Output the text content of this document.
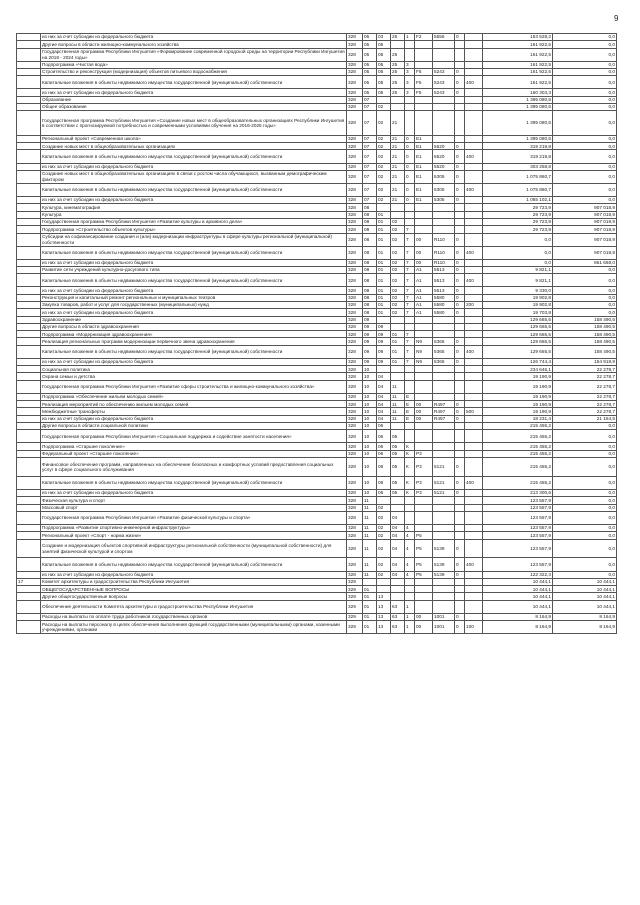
9
	из них за счет субсидии из федерального бюджета	328	05	03	25	1	F2	5555	0		153 528,2	0,0
	Другие вопросы в области жилищно-коммунального хозяйства	328	05	05							161 922,5	0,0
	Государственная программа Республики Ингушетия «Формирование современной городской среды на территории Республики Ингушетия на 2018 - 2024 годы»	328	05	05	25						161 922,5	0,0
	Подпрограмма «Чистая вода»	328	05	05	25	3					161 922,5	0,0
	Строительство и реконструкция (модернизация) объектов питьевого водоснабжения	328	05	05	25	3	F5	5243	0		161 922,5	0,0
	Капитальные вложения в объекты недвижимого имущества государственной (муниципальной) собственности	328	05	05	25	3	F5	5243	0	400	161 922,5	0,0
	из них за счет субсидии из федерального бюджета	328	05	05	25	3	F5	5243	0		160 303,3	0,0
	Образование	328	07								1 395 080,5	0,0
	Общее образование	328	07	02							1 395 080,5	0,0
	Государственная программа Республики Ингушетия «Создание новых мест в общеобразовательных организациях Республики Ингушетия в соответствии с прогнозируемой потребностью и современными условиями обучения на 2016-2025 годы»	328	07	02	21						1 395 080,5	0,0
	Региональный проект «Современная школа»	328	07	02	21	0	E1				1 395 080,5	0,0
	Создание новых мест в общеобразовательных организациях	328	07	02	21	0	E1	5520	0		319 219,8	0,0
	Капитальные вложения в объекты недвижимого имущества государственной (муниципальной) собственности	328	07	02	21	0	E1	5520	0	400	319 219,8	0,0
	из них за счет субсидии из федерального бюджета	328	07	02	21	0	E1	5520	0		303 258,8	0,0
	Создание новых мест в общеобразовательных организациях в связи с ростом числа обучающихся, вызванным демографическим фактором	328	07	02	21	0	E1	5305	0		1 075 860,7	0,0
	Капитальные вложения в объекты недвижимого имущества государственной (муниципальной) собственности	328	07	02	21	0	E1	5305	0	400	1 075 860,7	0,0
	из них за счет субсидии из федерального бюджета	328	07	02	21	0	E1	5305	0		1 065 102,1	0,0
	Культура, кинематография	328	08								29 723,9	907 018,9
	Культура	328	08	01							29 723,9	907 018,9
	Государственная программа Республики Ингушетия «Развитие культуры и архивного дела»	328	08	01	02						29 723,9	907 018,9
	Подпрограмма «Строительство объектов культуры»	328	08	01	02	7					29 723,9	907 018,9
	Субсидии на софинансирование создания и (или) модернизации инфраструктуры в сфере культуры региональной (муниципальной) собственности	328	08	01	02	7	00	R110	0		0,0	907 018,9
	Капитальные вложения в объекты недвижимого имущества государственной (муниципальной) собственности	328	08	01	02	7	00	R110	0	400	0,0	907 018,9
	из них за счет субсидии из федерального бюджета	328	08	01	02	7	00	R110	0		0,0	861 668,0
	Развитие сети учреждений культурно-досугового типа	328	08	01	02	7	A1	5513	0		9 821,1	0,0
	Капитальные вложения в объекты недвижимого имущества государственной (муниципальной) собственности	328	08	01	02	7	A1	5513	0	400	9 821,1	0,0
	из них за счет субсидии из федерального бюджета	328	08	01	02	7	A1	5513	0		9 330,0	0,0
	Реконструкция и капитальный ремонт региональных и муниципальных театров	328	08	01	02	7	A1	5580	0		19 902,8	0,0
	Закупка товаров, работ и услуг для государственных (муниципальных) нужд	328	08	01	02	7	A1	5580	0	200	19 902,8	0,0
	из них за счет субсидии из федерального бюджета	328	08	01	02	7	A1	5580	0		19 703,8	0,0
	Здравоохранение	328	09								129 665,5	158 490,5
	Другие вопросы в области здравоохранения	328	09	09							129 665,5	158 490,5
	Подпрограмма «Модернизация здравоохранения»	328	09	09	01	7					129 665,5	158 490,5
	Реализация региональных программ модернизации первичного звена здравоохранения	328	09	09	01	7	N9	5365	0		129 665,5	158 490,5
	Капитальные вложения в объекты недвижимого имущества государственной (муниципальной) собственности	328	09	09	01	7	N9	5365	0	400	129 665,5	158 490,5
	из них за счет субсидии из федерального бюджета	328	09	09	01	7	N9	5365	0		126 744,4	154 918,9
	Социальная политика	328	10								234 646,1	22 278,7
	Охрана семьи и детства	328	10	04							19 190,9	22 278,7
	Государственная программа Республики Ингушетия «Развитие сферы строительства и жилищно-коммунального хозяйства»	328	10	04	11						19 190,9	22 278,7
	Подпрограмма «Обеспечение жильем молодых семей»	328	10	04	11	E					19 190,9	22 278,7
	Реализация мероприятий по обеспечению жильем молодых семей	328	10	04	11	E	00	R497	0		19 190,9	22 278,7
	Межбюджетные трансферты	328	10	04	11	E	00	R497	0	500	19 190,9	22 278,7
	из них за счет субсидии из федерального бюджета	328	10	04	11	E	00	R497	0		18 231,4	21 154,5
	Другие вопросы в области социальной политики	328	10	06							215 455,2	0,0
	Государственная программа Республики Ингушетия «Социальная поддержка и содействие занятости населения»	328	10	06	05						215 455,2	0,0
	Подпрограмма «Старшее поколение»	328	10	06	05	К					215 455,2	0,0
	Федеральный проект «Старшее поколение»	328	10	06	05	К	P3				215 455,2	0,0
	Финансовое обеспечение программ, направленных на обеспечение безопасных и комфортных условий предоставления социальных услуг в сфере социального обслуживания	328	10	06	05	К	P3	5121	0		215 455,2	0,0
	Капитальные вложения в объекты недвижимого имущества государственной (муниципальной) собственности	328	10	06	05	К	P3	5121	0	400	215 455,2	0,0
	из них за счет субсидии из федерального бюджета	328	10	06	05	К	P3	5121	0		213 300,6	0,0
	Физическая культура и спорт	328	11								123 557,9	0,0
	Массовый спорт	328	11	02							123 557,9	0,0
	Государственная программа Республики Ингушетия «Развитие физической культуры и спорта»	328	11	02	04						123 557,9	0,0
	Подпрограмма «Развитие спортивно-инженерной инфраструктуры»	328	11	02	04	4					123 557,9	0,0
	Региональный проект «Спорт - норма жизни»	328	11	02	04	4	P5				123 557,9	0,0
	Создание и модернизация объектов спортивной инфраструктуры региональной собственности (муниципальной собственности) для занятий физической культурой и спортом	328	11	02	04	4	P5	5139	0		123 557,9	0,0
	Капитальные вложения в объекты недвижимого имущества государственной (муниципальной) собственности	328	11	02	04	4	P5	5139	0	400	123 557,9	0,0
	из них за счет субсидии из федерального бюджета	328	11	02	04	4	P5	5139	0		122 322,3	0,0
17	Комитет архитектуры и градостроительства Республики Ингушетия	329									10 444,1	10 444,1
	ОБЩЕГОСУДАРСТВЕННЫЕ ВОПРОСЫ	329	01								10 444,1	10 444,1
	Другие общегосударственные вопросы	329	01	13							10 444,1	10 444,1
	Обеспечение деятельности Комитета архитектуры и градостроительства Республики Ингушетия	329	01	13	63	1					10 444,1	10 444,1
	Расходы на выплаты по оплате труда работников государственных органов	329	01	13	63	1	00	1001	0		8 164,9	8 164,9
	Расходы на выплаты персоналу в целях обеспечения выполнения функций государственными (муниципальными) органами, казенными учреждениями, органами	329	01	13	63	1	00	1001	0	100	8 164,9	8 164,9
